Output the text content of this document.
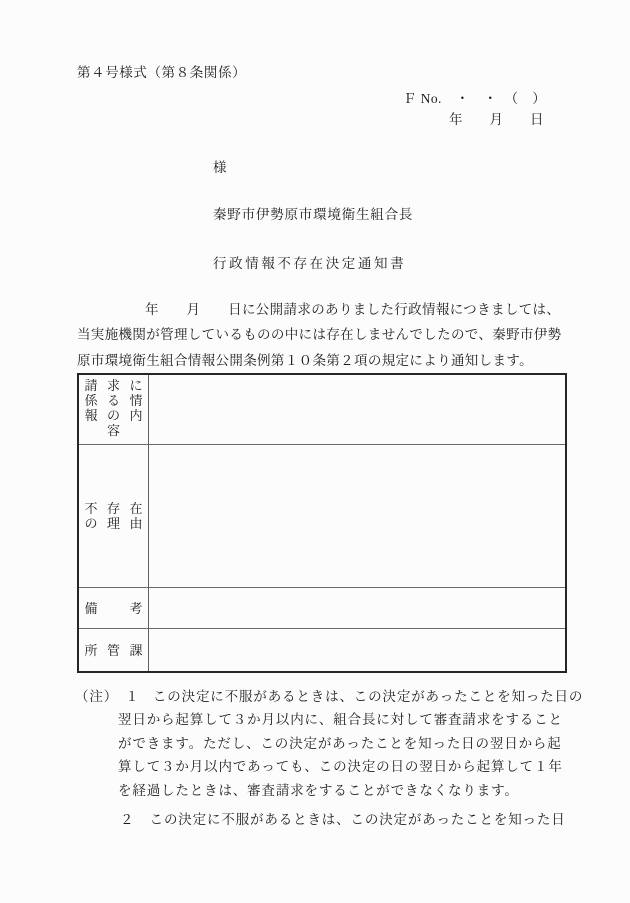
第４号様式（第８条関係）
Ｆ No.　・　・　（　）
年　　月　　日
様
秦野市伊勢原市環境衛生組合長
行政情報不存在決定通知書
年　　月　　日に公開請求のありました行政情報につきましては、
当実施機関が管理しているものの中には存在しませんでしたので、秦野市伊勢
原市環境衛生組合情報公開条例第１０条第２項の規定により通知します。
請求に
係る情
報の内
容
不存在
の理由
備考
所管課
（注） １ この決定に不服があるときは、この決定があったことを知った日の
翌日から起算して３か月以内に、組合長に対して審査請求をすること
ができます。ただし、この決定があったことを知った日の翌日から起
算して３か月以内であっても、この決定の日の翌日から起算して１年
を経過したときは、審査請求をすることができなくなります。
２ この決定に不服があるときは、この決定があったことを知った日
